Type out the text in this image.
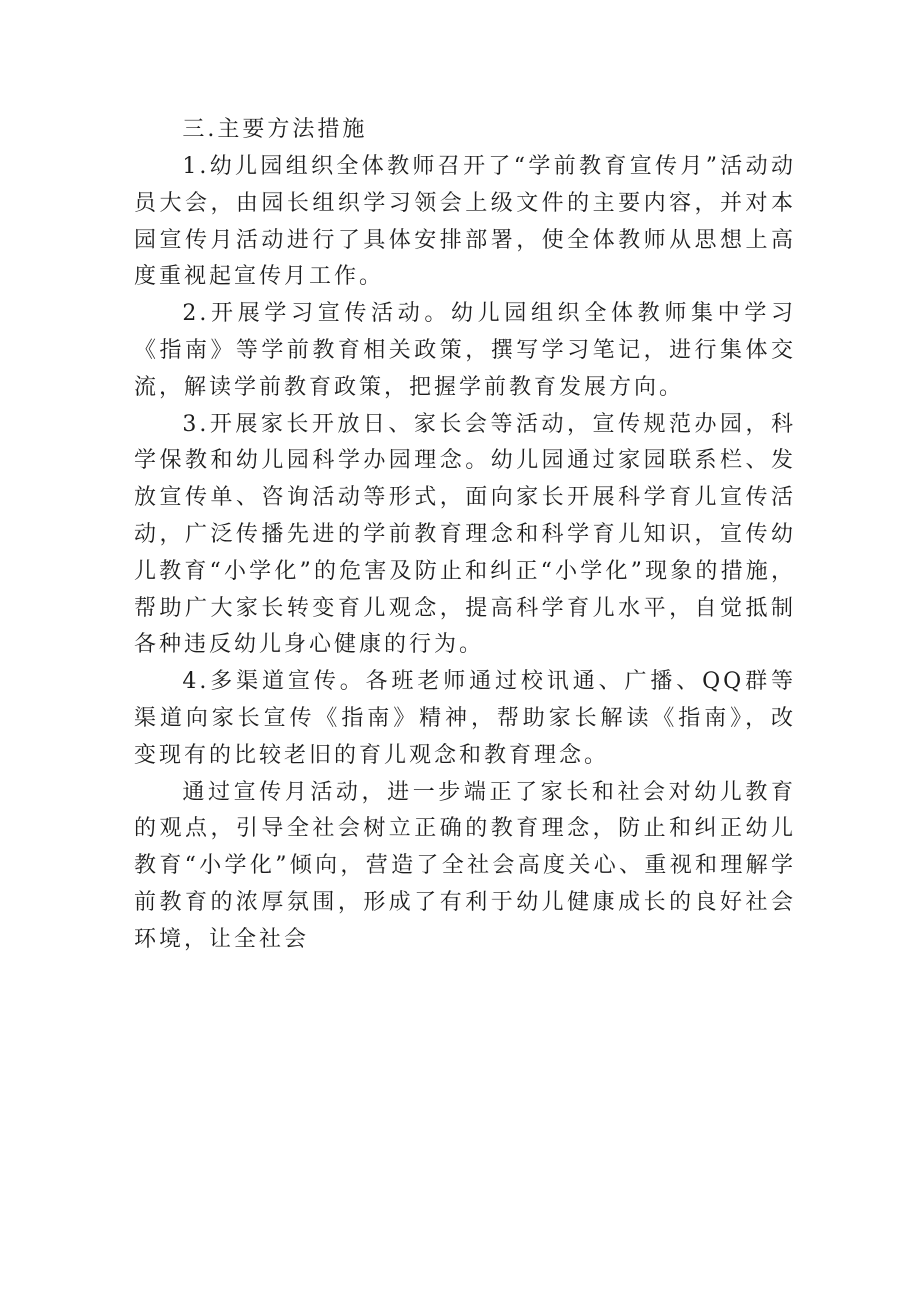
三.主要方法措施

1.幼儿园组织全体教师召开了“学前教育宣传月”活动动员大会，由园长组织学习领会上级文件的主要内容，并对本园宣传月活动进行了具体安排部署，使全体教师从思想上高度重视起宣传月工作。

2.开展学习宣传活动。幼儿园组织全体教师集中学习《指南》等学前教育相关政策，撰写学习笔记，进行集体交流，解读学前教育政策，把握学前教育发展方向。

3.开展家长开放日、家长会等活动，宣传规范办园，科学保教和幼儿园科学办园理念。幼儿园通过家园联系栏、发放宣传单、咨询活动等形式，面向家长开展科学育儿宣传活动，广泛传播先进的学前教育理念和科学育儿知识，宣传幼儿教育“小学化”的危害及防止和纠正“小学化”现象的措施，帮助广大家长转变育儿观念，提高科学育儿水平，自觉抵制各种违反幼儿身心健康的行为。

4.多渠道宣传。各班老师通过校讯通、广播、QQ群等渠道向家长宣传《指南》精神，帮助家长解读《指南》，改变现有的比较老旧的育儿观念和教育理念。

通过宣传月活动，进一步端正了家长和社会对幼儿教育的观点，引导全社会树立正确的教育理念，防止和纠正幼儿教育“小学化”倾向，营造了全社会高度关心、重视和理解学前教育的浓厚氛围，形成了有利于幼儿健康成长的良好社会环境，让全社会
